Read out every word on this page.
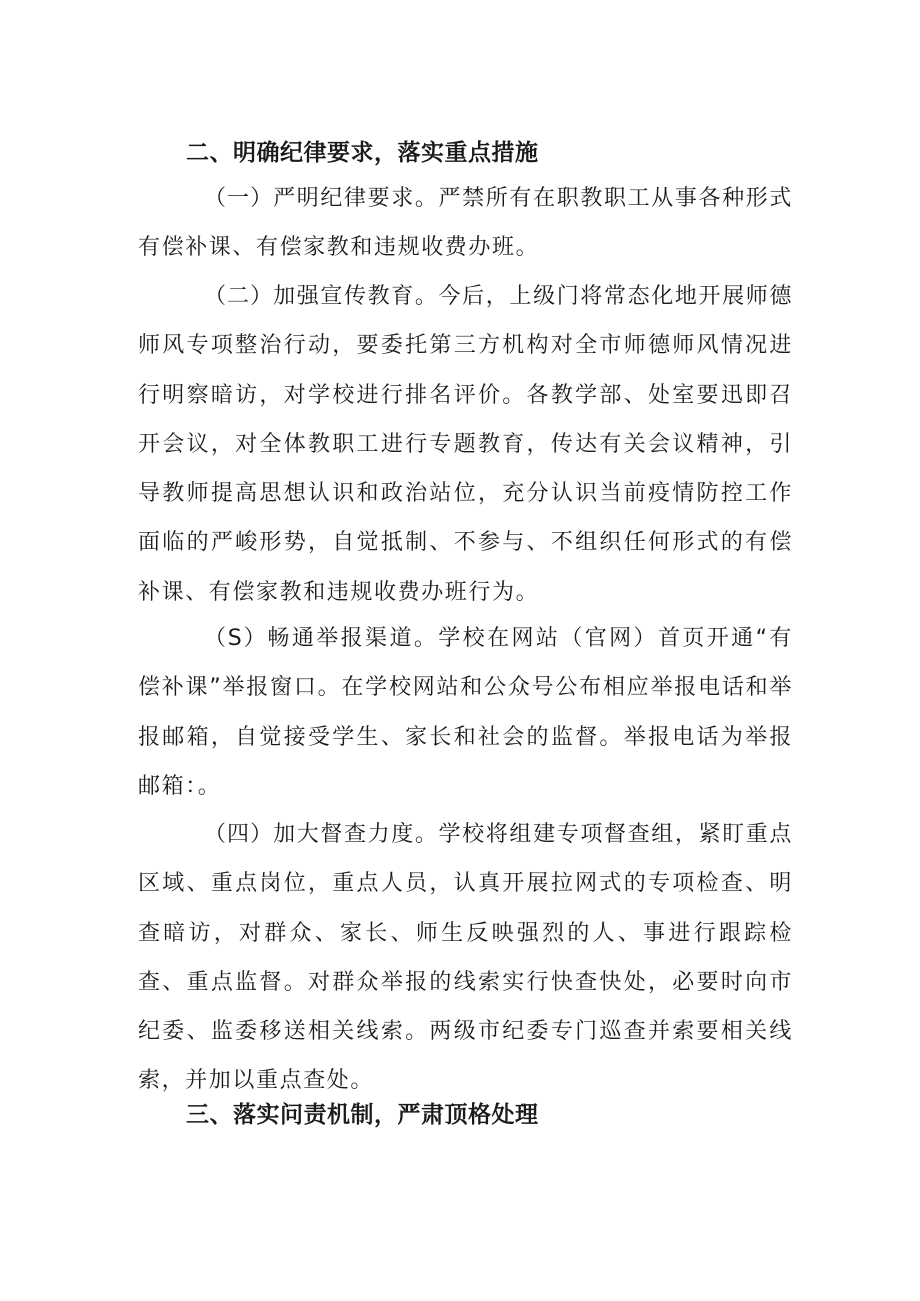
二、明确纪律要求，落实重点措施

（一）严明纪律要求。严禁所有在职教职工从事各种形式有偿补课、有偿家教和违规收费办班。

（二）加强宣传教育。今后，上级门将常态化地开展师德师风专项整治行动，要委托第三方机构对全市师德师风情况进行明察暗访，对学校进行排名评价。各教学部、处室要迅即召开会议，对全体教职工进行专题教育，传达有关会议精神，引导教师提高思想认识和政治站位，充分认识当前疫情防控工作面临的严峻形势，自觉抵制、不参与、不组织任何形式的有偿补课、有偿家教和违规收费办班行为。

（S）畅通举报渠道。学校在网站（官网）首页开通“有偿补课”举报窗口。在学校网站和公众号公布相应举报电话和举报邮箱，自觉接受学生、家长和社会的监督。举报电话为举报邮箱：。

（四）加大督查力度。学校将组建专项督查组，紧盯重点区域、重点岗位，重点人员，认真开展拉网式的专项检查、明查暗访，对群众、家长、师生反映强烈的人、事进行跟踪检查、重点监督。对群众举报的线索实行快查快处，必要时向市纪委、监委移送相关线索。两级市纪委专门巡查并索要相关线索，并加以重点查处。

三、落实问责机制，严肃顶格处理
